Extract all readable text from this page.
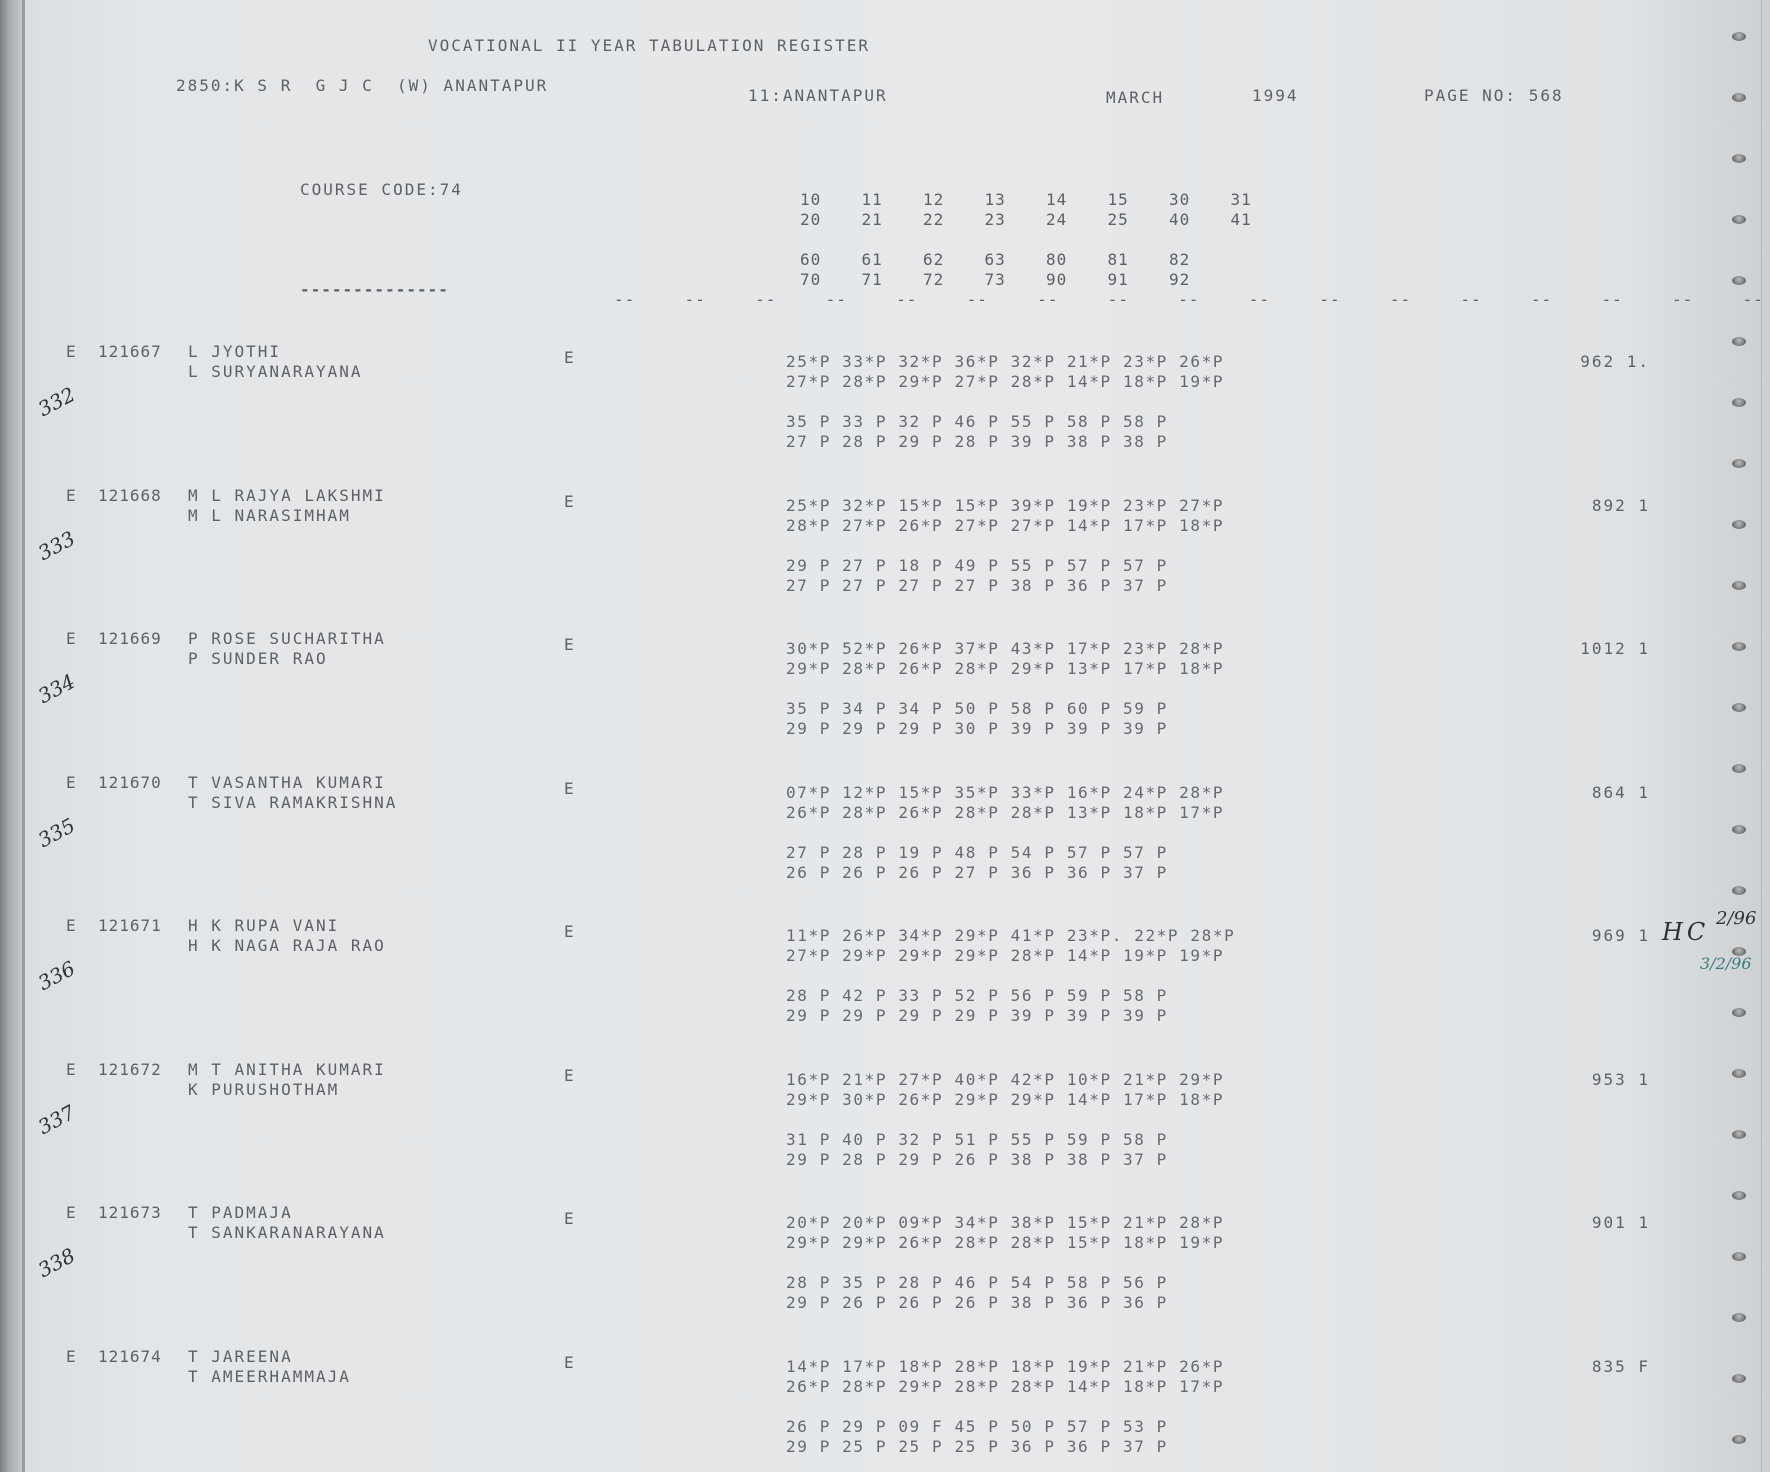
VOCATIONAL II YEAR TABULATION REGISTER
2850:K S R  G J C  (W) ANANTAPUR
11:ANANTAPUR	MARCH	1994	PAGE NO: 568
COURSE CODE:74
10	11	12	13	14	15	30	31
20	21	22	23	24	25	40	41
60	61	62	63	80	81	82
70	71	72	73	90	91	92
--------------
--  --  --  --  --  --  --  --  --  --  --  --  --  --  --  --  --
E 121667 L JYOTHI
L SURYANARAYANA
E	25*P 33*P 32*P 36*P 32*P 21*P 23*P 26*P
27*P 28*P 29*P 27*P 28*P 14*P 18*P 19*P
35 P 33 P 32 P 46 P 55 P 58 P 58 P
27 P 28 P 29 P 28 P 39 P 38 P 38 P
962 1.
332
E 121668 M L RAJYA LAKSHMI
M L NARASIMHAM
E	25*P 32*P 15*P 15*P 39*P 19*P 23*P 27*P
28*P 27*P 26*P 27*P 27*P 14*P 17*P 18*P
29 P 27 P 18 P 49 P 55 P 57 P 57 P
27 P 27 P 27 P 27 P 38 P 36 P 37 P
892 1
333
E 121669 P ROSE SUCHARITHA
P SUNDER RAO
E	30*P 52*P 26*P 37*P 43*P 17*P 23*P 28*P
29*P 28*P 26*P 28*P 29*P 13*P 17*P 18*P
35 P 34 P 34 P 50 P 58 P 60 P 59 P
29 P 29 P 29 P 30 P 39 P 39 P 39 P
1012 1
334
E 121670 T VASANTHA KUMARI
T SIVA RAMAKRISHNA
E	07*P 12*P 15*P 35*P 33*P 16*P 24*P 28*P
26*P 28*P 26*P 28*P 28*P 13*P 18*P 17*P
27 P 28 P 19 P 48 P 54 P 57 P 57 P
26 P 26 P 26 P 27 P 36 P 36 P 37 P
864 1
335
E 121671 H K RUPA VANI
H K NAGA RAJA RAO
E	11*P 26*P 34*P 29*P 41*P 23*P. 22*P 28*P
27*P 29*P 29*P 29*P 28*P 14*P 19*P 19*P
28 P 42 P 33 P 52 P 56 P 59 P 58 P
29 P 29 P 29 P 29 P 39 P 39 P 39 P
969 1
336
E 121672 M T ANITHA KUMARI
K PURUSHOTHAM
E	16*P 21*P 27*P 40*P 42*P 10*P 21*P 29*P
29*P 30*P 26*P 29*P 29*P 14*P 17*P 18*P
31 P 40 P 32 P 51 P 55 P 59 P 58 P
29 P 28 P 29 P 26 P 38 P 38 P 37 P
953 1
337
E 121673 T PADMAJA
T SANKARANARAYANA
E	20*P 20*P 09*P 34*P 38*P 15*P 21*P 28*P
29*P 29*P 26*P 28*P 28*P 15*P 18*P 19*P
28 P 35 P 28 P 46 P 54 P 58 P 56 P
29 P 26 P 26 P 26 P 38 P 36 P 36 P
901 1
338
E 121674 T JAREENA
T AMEERHAMMAJA
E	14*P 17*P 18*P 28*P 18*P 19*P 21*P 26*P
26*P 28*P 29*P 28*P 28*P 14*P 18*P 17*P
26 P 29 P 09 F 45 P 50 P 57 P 53 P
29 P 25 P 25 P 25 P 36 P 36 P 37 P
835 F
HC 2/96
3/2/96
